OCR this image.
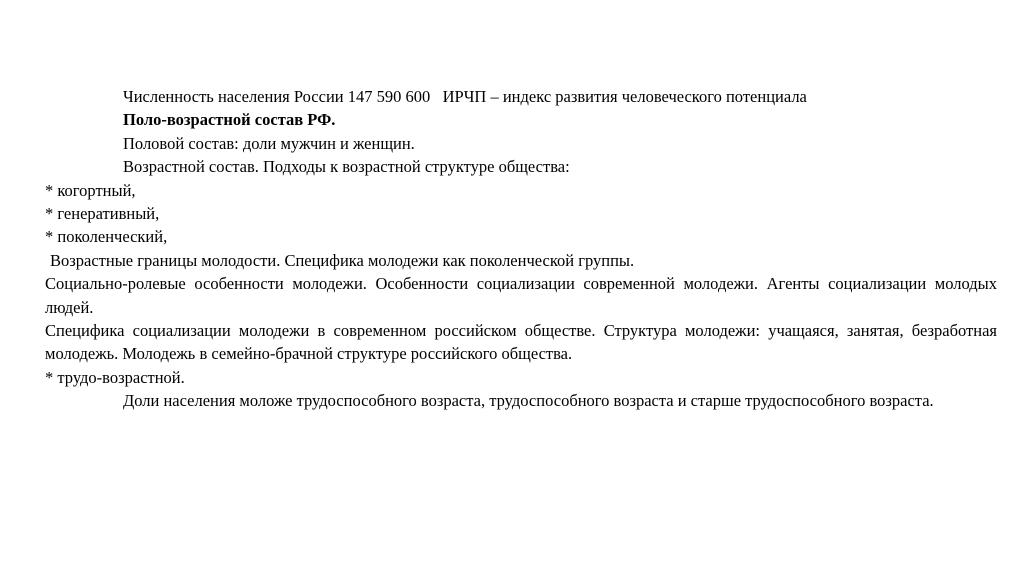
Численность населения России 147 590 600   ИРЧП – индекс развития человеческого потенциала

Поло-возрастной состав РФ.

Половой состав: доли мужчин и женщин.

Возрастной состав. Подходы к возрастной структуре общества:

* когортный,

* генеративный,

* поколенческий,

Возрастные границы молодости. Специфика молодежи как поколенческой группы.

Социально-ролевые особенности молодежи. Особенности социализации современной молодежи. Агенты социализации молодых людей.

Специфика социализации молодежи в современном российском обществе. Структура молодежи: учащаяся, занятая, безработная молодежь. Молодежь в семейно-брачной структуре российского общества.

* трудо-возрастной.

Доли населения моложе трудоспособного возраста, трудоспособного возраста и старше трудоспособного возраста.
